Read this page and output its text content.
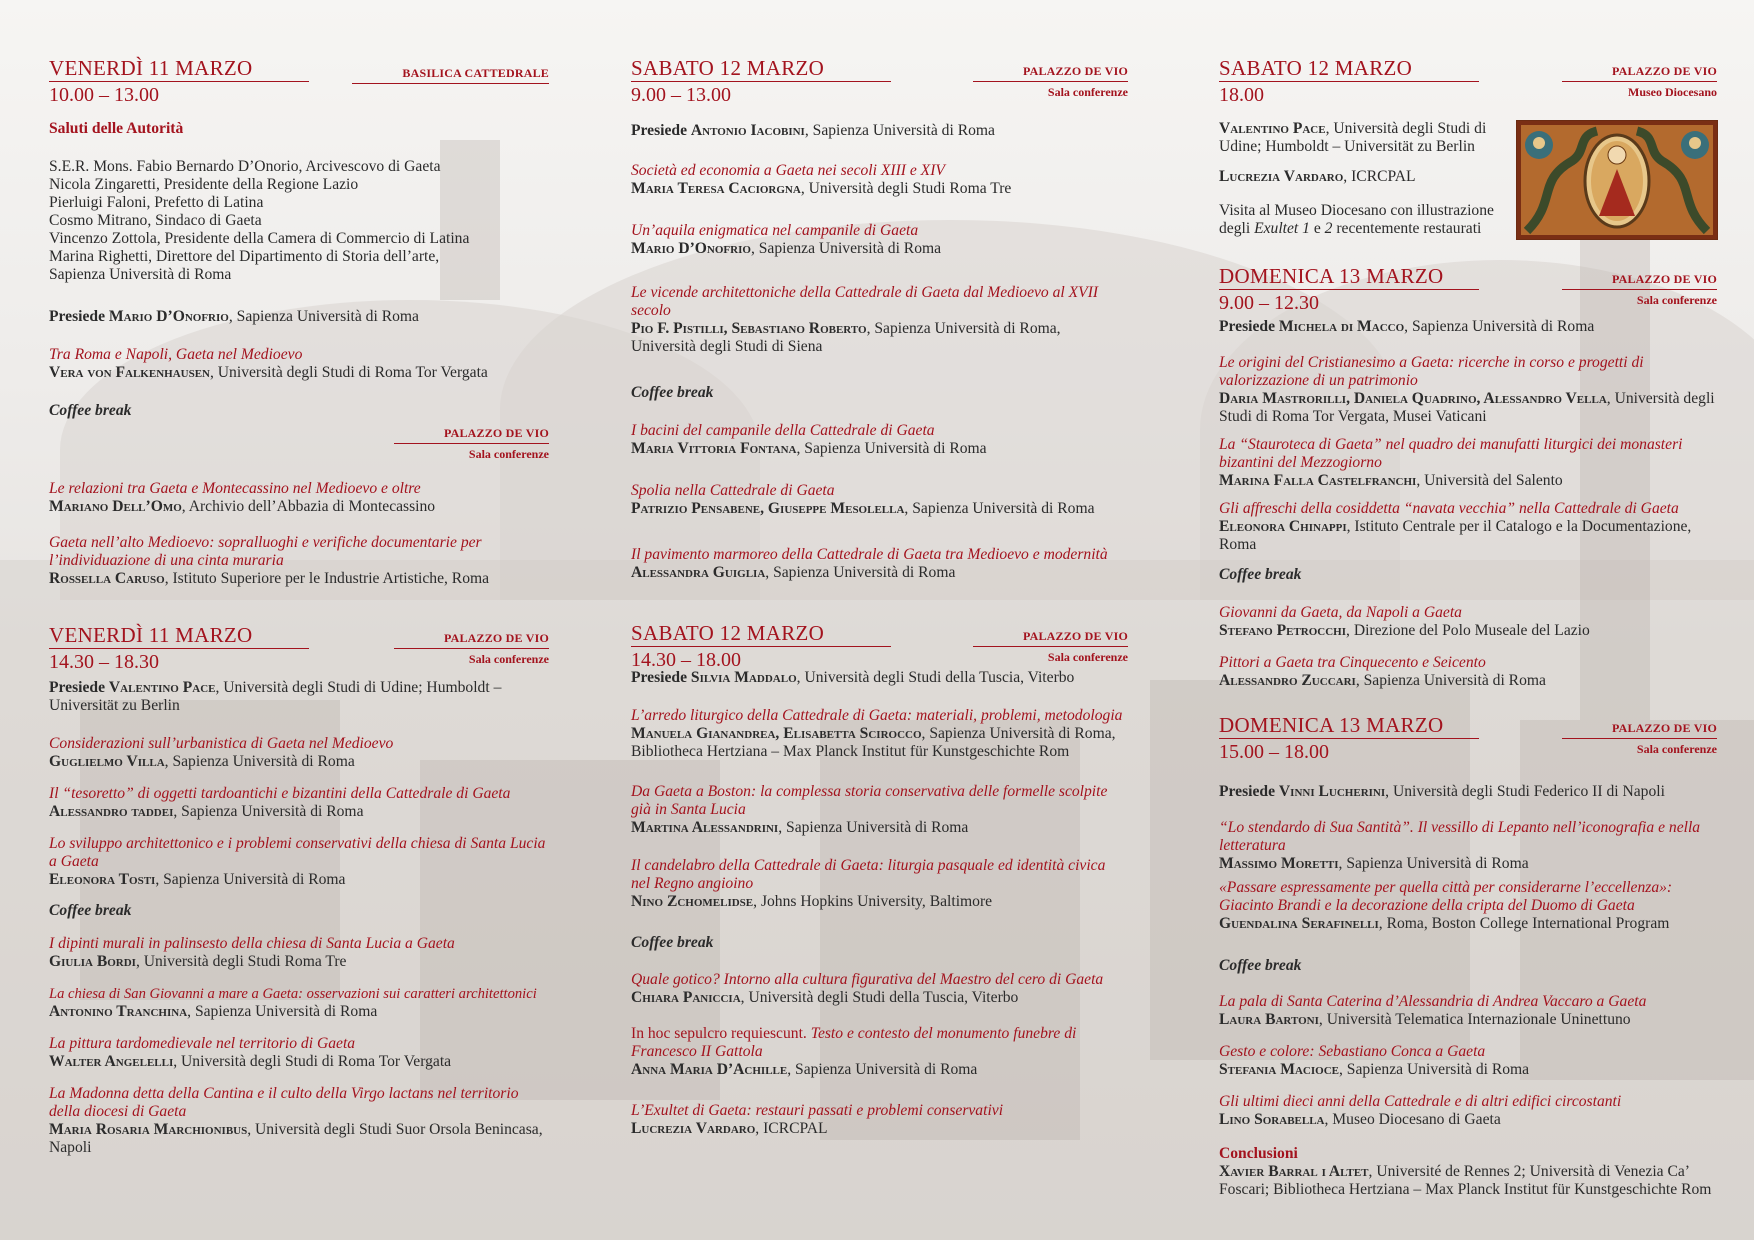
VENERDÌ 11 MARZO
10.00 – 13.00
BASILICA CATTEDRALE

Saluti delle Autorità

S.E.R. Mons. Fabio Bernardo D’Onorio, Arcivescovo di Gaeta

Nicola Zingaretti, Presidente della Regione Lazio

Pierluigi Faloni, Prefetto di Latina

Cosmo Mitrano, Sindaco di Gaeta

Vincenzo Zottola, Presidente della Camera di Commercio di Latina

Marina Righetti, Direttore del Dipartimento di Storia dell’arte,

Sapienza Università di Roma

Presiede Mario D’Onofrio, Sapienza Università di Roma

Tra Roma e Napoli, Gaeta nel Medioevo

Vera von Falkenhausen, Università degli Studi di Roma Tor Vergata

Coffee break

PALAZZO DE VIO
Sala conferenze

Le relazioni tra Gaeta e Montecassino nel Medioevo e oltre

Mariano Dell’Omo, Archivio dell’Abbazia di Montecassino

Gaeta nell’alto Medioevo: sopralluoghi e verifiche documentarie per l’individuazione di una cinta muraria

Rossella Caruso, Istituto Superiore per le Industrie Artistiche, Roma

VENERDÌ 11 MARZO
14.30 – 18.30
PALAZZO DE VIO
Sala conferenze

Presiede Valentino Pace, Università degli Studi di Udine; Humboldt – Universität zu Berlin

Considerazioni sull’urbanistica di Gaeta nel Medioevo

Guglielmo Villa, Sapienza Università di Roma

Il “tesoretto” di oggetti tardoantichi e bizantini della Cattedrale di Gaeta

Alessandro taddei, Sapienza Università di Roma

Lo sviluppo architettonico e i problemi conservativi della chiesa di Santa Lucia a Gaeta

Eleonora Tosti, Sapienza Università di Roma

Coffee break

I dipinti murali in palinsesto della chiesa di Santa Lucia a Gaeta

Giulia Bordi, Università degli Studi Roma Tre

La chiesa di San Giovanni a mare a Gaeta: osservazioni sui caratteri architettonici

Antonino Tranchina, Sapienza Università di Roma

La pittura tardomedievale nel territorio di Gaeta

Walter Angelelli, Università degli Studi di Roma Tor Vergata

La Madonna detta della Cantina e il culto della Virgo lactans nel territorio della diocesi di Gaeta

Maria Rosaria Marchionibus, Università degli Studi Suor Orsola Benincasa, Napoli

SABATO 12 MARZO
9.00 – 13.00
PALAZZO DE VIO
Sala conferenze

Presiede Antonio Iacobini, Sapienza Università di Roma

Società ed economia a Gaeta nei secoli XIII e XIV

Maria Teresa Caciorgna, Università degli Studi Roma Tre

Un’aquila enigmatica nel campanile di Gaeta

Mario D’Onofrio, Sapienza Università di Roma

Le vicende architettoniche della Cattedrale di Gaeta dal Medioevo al XVII secolo

Pio F. Pistilli, Sebastiano Roberto, Sapienza Università di Roma, Università degli Studi di Siena

Coffee break

I bacini del campanile della Cattedrale di Gaeta

Maria Vittoria Fontana, Sapienza Università di Roma

Spolia nella Cattedrale di Gaeta

Patrizio Pensabene, Giuseppe Mesolella, Sapienza Università di Roma

Il pavimento marmoreo della Cattedrale di Gaeta tra Medioevo e modernità

Alessandra Guiglia, Sapienza Università di Roma

SABATO 12 MARZO
14.30 – 18.00
PALAZZO DE VIO
Sala conferenze

Presiede Silvia Maddalo, Università degli Studi della Tuscia, Viterbo

L’arredo liturgico della Cattedrale di Gaeta: materiali, problemi, metodologia

Manuela Gianandrea, Elisabetta Scirocco, Sapienza Università di Roma, Bibliotheca Hertziana – Max Planck Institut für Kunstgeschichte Rom

Da Gaeta a Boston: la complessa storia conservativa delle formelle scolpite già in Santa Lucia

Martina Alessandrini, Sapienza Università di Roma

Il candelabro della Cattedrale di Gaeta: liturgia pasquale ed identità civica nel Regno angioino

Nino Zchomelidse, Johns Hopkins University, Baltimore

Coffee break

Quale gotico? Intorno alla cultura figurativa del Maestro del cero di Gaeta

Chiara Paniccia, Università degli Studi della Tuscia, Viterbo

In hoc sepulcro requiescunt. Testo e contesto del monumento funebre di Francesco II Gattola

Anna Maria D’Achille, Sapienza Università di Roma

L’Exultet di Gaeta: restauri passati e problemi conservativi

Lucrezia Vardaro, ICRCPAL

SABATO 12 MARZO
18.00
PALAZZO DE VIO
Museo Diocesano

Valentino Pace, Università degli Studi di Udine; Humboldt – Universität zu Berlin

Lucrezia Vardaro, ICRCPAL

Visita al Museo Diocesano con illustrazione degli Exultet 1 e 2 recentemente restaurati

DOMENICA 13 MARZO
9.00 – 12.30
PALAZZO DE VIO
Sala conferenze

Presiede Michela di Macco, Sapienza Università di Roma

Le origini del Cristianesimo a Gaeta: ricerche in corso e progetti di valorizzazione di un patrimonio

Daria Mastrorilli, Daniela Quadrino, Alessandro Vella, Università degli Studi di Roma Tor Vergata, Musei Vaticani

La “Stauroteca di Gaeta” nel quadro dei manufatti liturgici dei monasteri bizantini del Mezzogiorno

Marina Falla Castelfranchi, Università del Salento

Gli affreschi della cosiddetta “navata vecchia” nella Cattedrale di Gaeta

Eleonora Chinappi, Istituto Centrale per il Catalogo e la Documentazione, Roma

Coffee break

Giovanni da Gaeta, da Napoli a Gaeta

Stefano Petrocchi, Direzione del Polo Museale del Lazio

Pittori a Gaeta tra Cinquecento e Seicento

Alessandro Zuccari, Sapienza Università di Roma

DOMENICA 13 MARZO
15.00 – 18.00
PALAZZO DE VIO
Sala conferenze

Presiede Vinni Lucherini, Università degli Studi Federico II di Napoli

“Lo stendardo di Sua Santità”. Il vessillo di Lepanto nell’iconografia e nella letteratura

Massimo Moretti, Sapienza Università di Roma

«Passare espressamente per quella città per considerarne l’eccellenza»: Giacinto Brandi e la decorazione della cripta del Duomo di Gaeta

Guendalina Serafinelli, Roma, Boston College International Program

Coffee break

La pala di Santa Caterina d’Alessandria di Andrea Vaccaro a Gaeta

Laura Bartoni, Università Telematica Internazionale Uninettuno

Gesto e colore: Sebastiano Conca a Gaeta

Stefania Macioce, Sapienza Università di Roma

Gli ultimi dieci anni della Cattedrale e di altri edifici circostanti

Lino Sorabella, Museo Diocesano di Gaeta

Conclusioni

Xavier Barral i Altet, Université de Rennes 2; Università di Venezia Ca’ Foscari; Bibliotheca Hertziana – Max Planck Institut für Kunstgeschichte Rom
